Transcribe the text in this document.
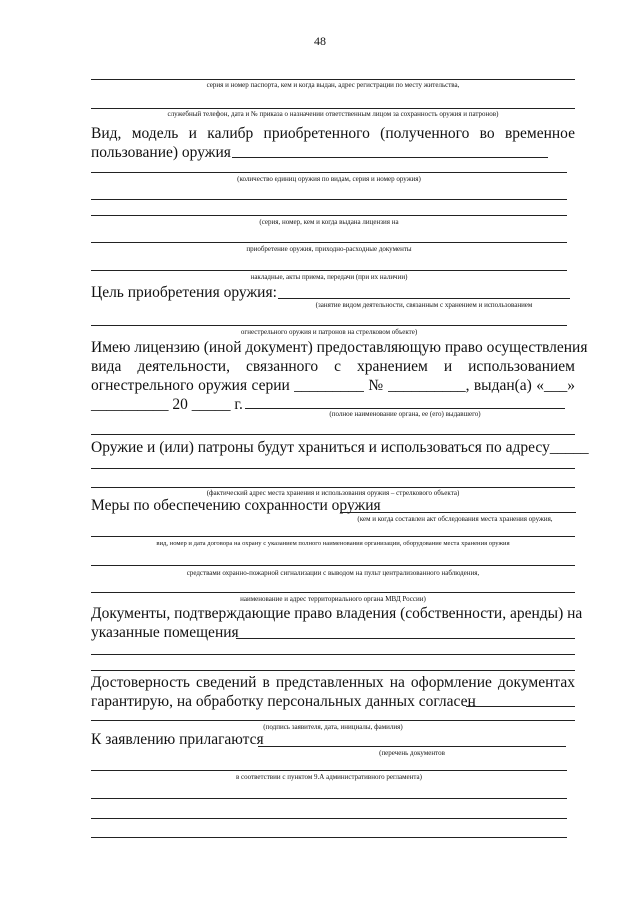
48
серия и номер паспорта, кем и когда выдан, адрес регистрации по месту жительства,
служебный телефон, дата и № приказа о назначении ответственным лицом за сохранность оружия и патронов)
Вид, модель и калибр приобретенного (полученного во временное
пользование) оружия
(количество единиц оружия по видам, серия и номер оружия)
(серия, номер, кем и когда выдана лицензия на
приобретение оружия, приходно-расходные документы
накладные, акты приема, передачи (при их наличии)
Цель приобретения оружия:
(занятие видом деятельности, связанным с хранением и использованием
огнестрельного оружия и патронов на стрелковом объекте)
Имею лицензию (иной документ) предоставляющую право осуществления
вида деятельности, связанного с хранением и использованием
огнестрельного оружия серии _________ № __________, выдан(а) «___»
__________ 20 _____ г.
(полное наименование органа, ее (его) выдавшего)
Оружие и (или) патроны будут храниться и использоваться по адресу_____
(фактический адрес места хранения и использования оружия – стрелкового объекта)
Меры по обеспечению сохранности оружия
(кем и когда составлен акт обследования места хранения оружия,
вид, номер и дата договора на охрану с указанием полного наименования организации, оборудование места хранения оружия
средствами охранно-пожарной сигнализации с выводом на пульт централизованного наблюдения,
наименование и адрес территориального органа МВД России)
Документы, подтверждающие право владения (собственности, аренды) на
указанные помещения
Достоверность сведений в представленных на оформление документах
гарантирую, на обработку персональных данных согласен
(подпись заявителя, дата, инициалы, фамилия)
К заявлению прилагаются
(перечень документов
в соответствии с пунктом 9.А административного регламента)
